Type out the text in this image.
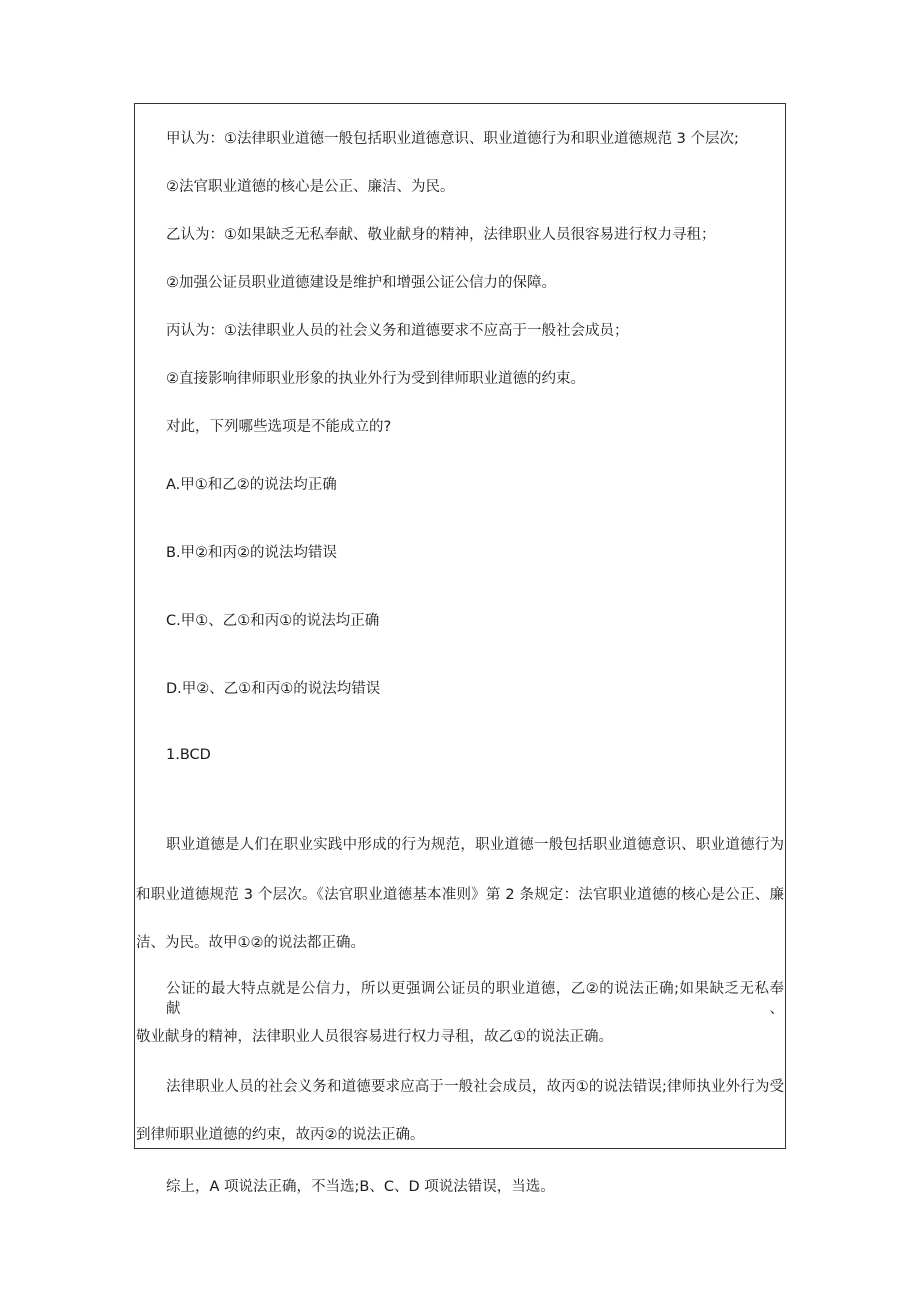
甲认为：①法律职业道德一般包括职业道德意识、职业道德行为和职业道德规范 3 个层次;
②法官职业道德的核心是公正、廉洁、为民。
乙认为：①如果缺乏无私奉献、敬业献身的精神，法律职业人员很容易进行权力寻租；
②加强公证员职业道德建设是维护和增强公证公信力的保障。
丙认为：①法律职业人员的社会义务和道德要求不应高于一般社会成员；
②直接影响律师职业形象的执业外行为受到律师职业道德的约束。
对此，下列哪些选项是不能成立的?
A.甲①和乙②的说法均正确
B.甲②和丙②的说法均错误
C.甲①、乙①和丙①的说法均正确
D.甲②、乙①和丙①的说法均错误
1.BCD
职业道德是人们在职业实践中形成的行为规范，职业道德一般包括职业道德意识、职业道德行为
和职业道德规范 3 个层次。《法官职业道德基本准则》第 2 条规定：法官职业道德的核心是公正、廉
洁、为民。故甲①②的说法都正确。
公证的最大特点就是公信力，所以更强调公证员的职业道德，乙②的说法正确;如果缺乏无私奉献、
敬业献身的精神，法律职业人员很容易进行权力寻租，故乙①的说法正确。
法律职业人员的社会义务和道德要求应高于一般社会成员，故丙①的说法错误;律师执业外行为受
到律师职业道德的约束，故丙②的说法正确。
综上，A 项说法正确，不当选;B、C、D 项说法错误，当选。
